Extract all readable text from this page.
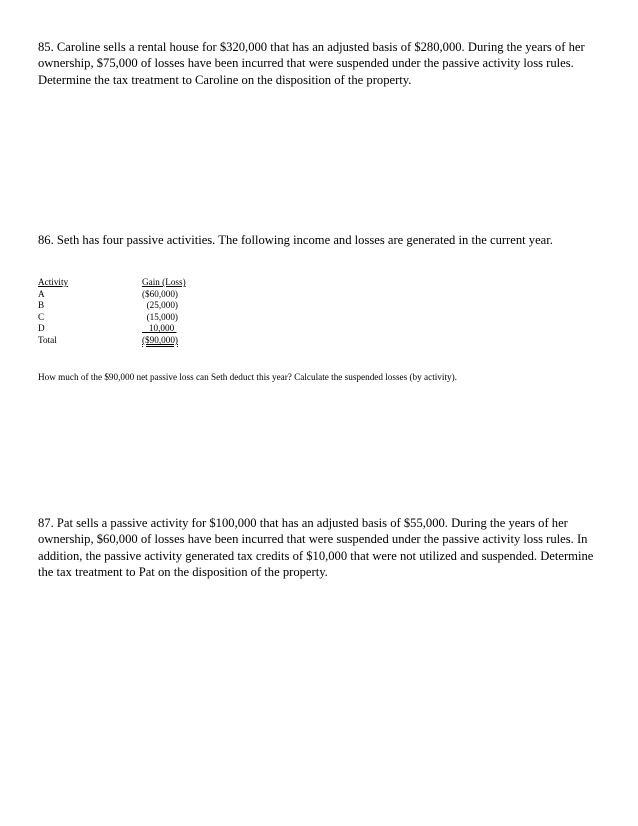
85. Caroline sells a rental house for $320,000 that has an adjusted basis of $280,000. During the years of her ownership, $75,000 of losses have been incurred that were suspended under the passive activity loss rules. Determine the tax treatment to Caroline on the disposition of the property.

86. Seth has four passive activities. The following income and losses are generated in the current year.

Activity	Gain (Loss)
A	($60,000)
B	(25,000)
C	(15,000)
D	10,000
Total	($90,000)

How much of the $90,000 net passive loss can Seth deduct this year? Calculate the suspended losses (by activity).

87. Pat sells a passive activity for $100,000 that has an adjusted basis of $55,000. During the years of her ownership, $60,000 of losses have been incurred that were suspended under the passive activity loss rules. In addition, the passive activity generated tax credits of $10,000 that were not utilized and suspended. Determine the tax treatment to Pat on the disposition of the property.
